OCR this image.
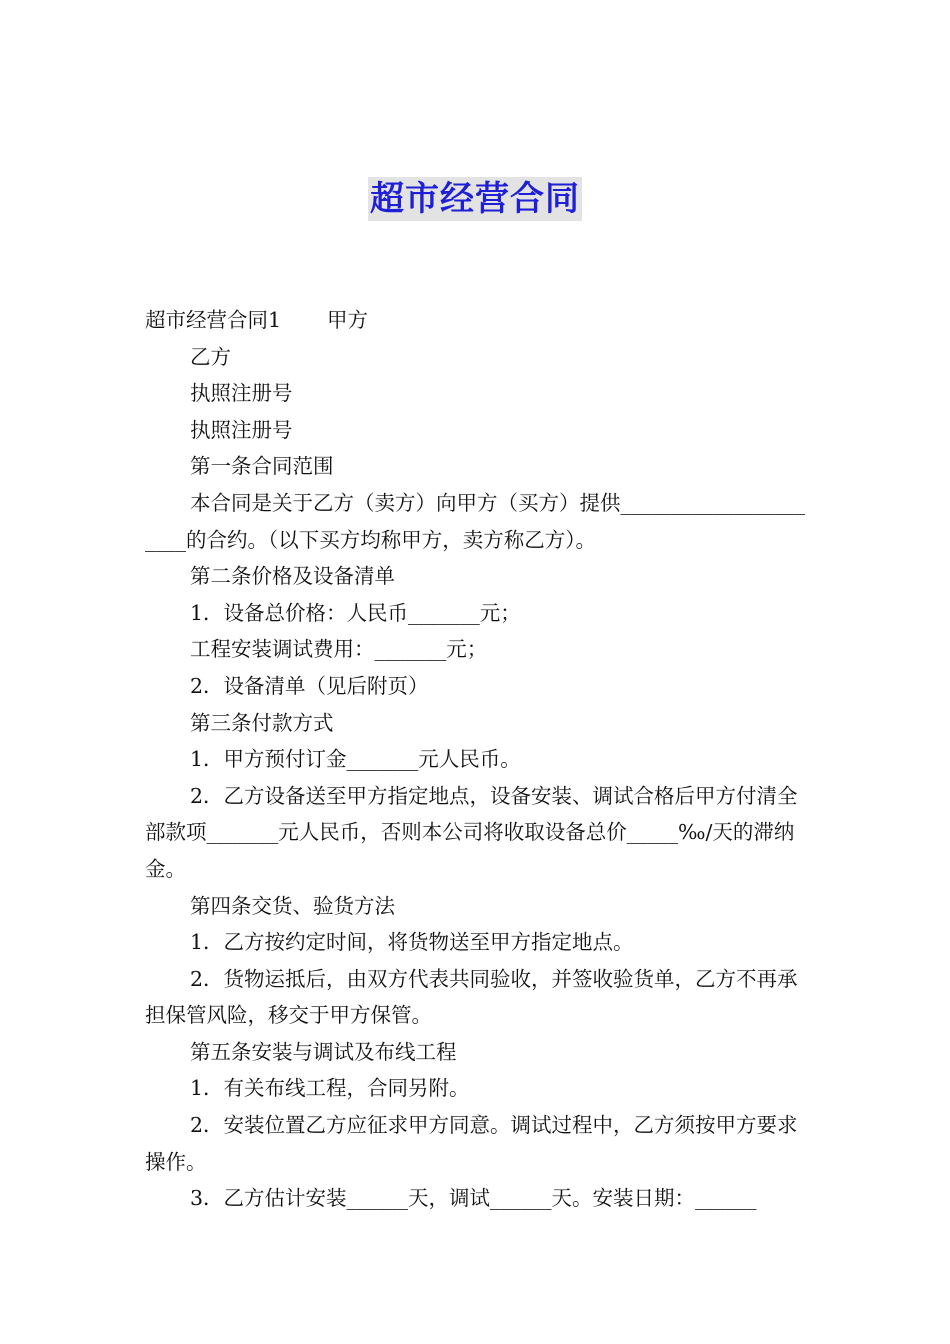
超市经营合同

超市经营合同1 甲方

乙方

执照注册号

执照注册号

第一条合同范围

本合同是关于乙方（卖方）向甲方（买方）提供______________________的合约。（以下买方均称甲方，卖方称乙方）。

第二条价格及设备清单

1．设备总价格：人民币_______元；

工程安装调试费用：_______元；

2．设备清单（见后附页）

第三条付款方式

1．甲方预付订金_______元人民币。

2．乙方设备送至甲方指定地点，设备安装、调试合格后甲方付清全部款项_______元人民币，否则本公司将收取设备总价_____‰/天的滞纳金。

第四条交货、验货方法

1．乙方按约定时间，将货物送至甲方指定地点。

2．货物运抵后，由双方代表共同验收，并签收验货单，乙方不再承担保管风险，移交于甲方保管。

第五条安装与调试及布线工程

1．有关布线工程，合同另附。

2．安装位置乙方应征求甲方同意。调试过程中，乙方须按甲方要求操作。

3．乙方估计安装______天，调试______天。安装日期：______
